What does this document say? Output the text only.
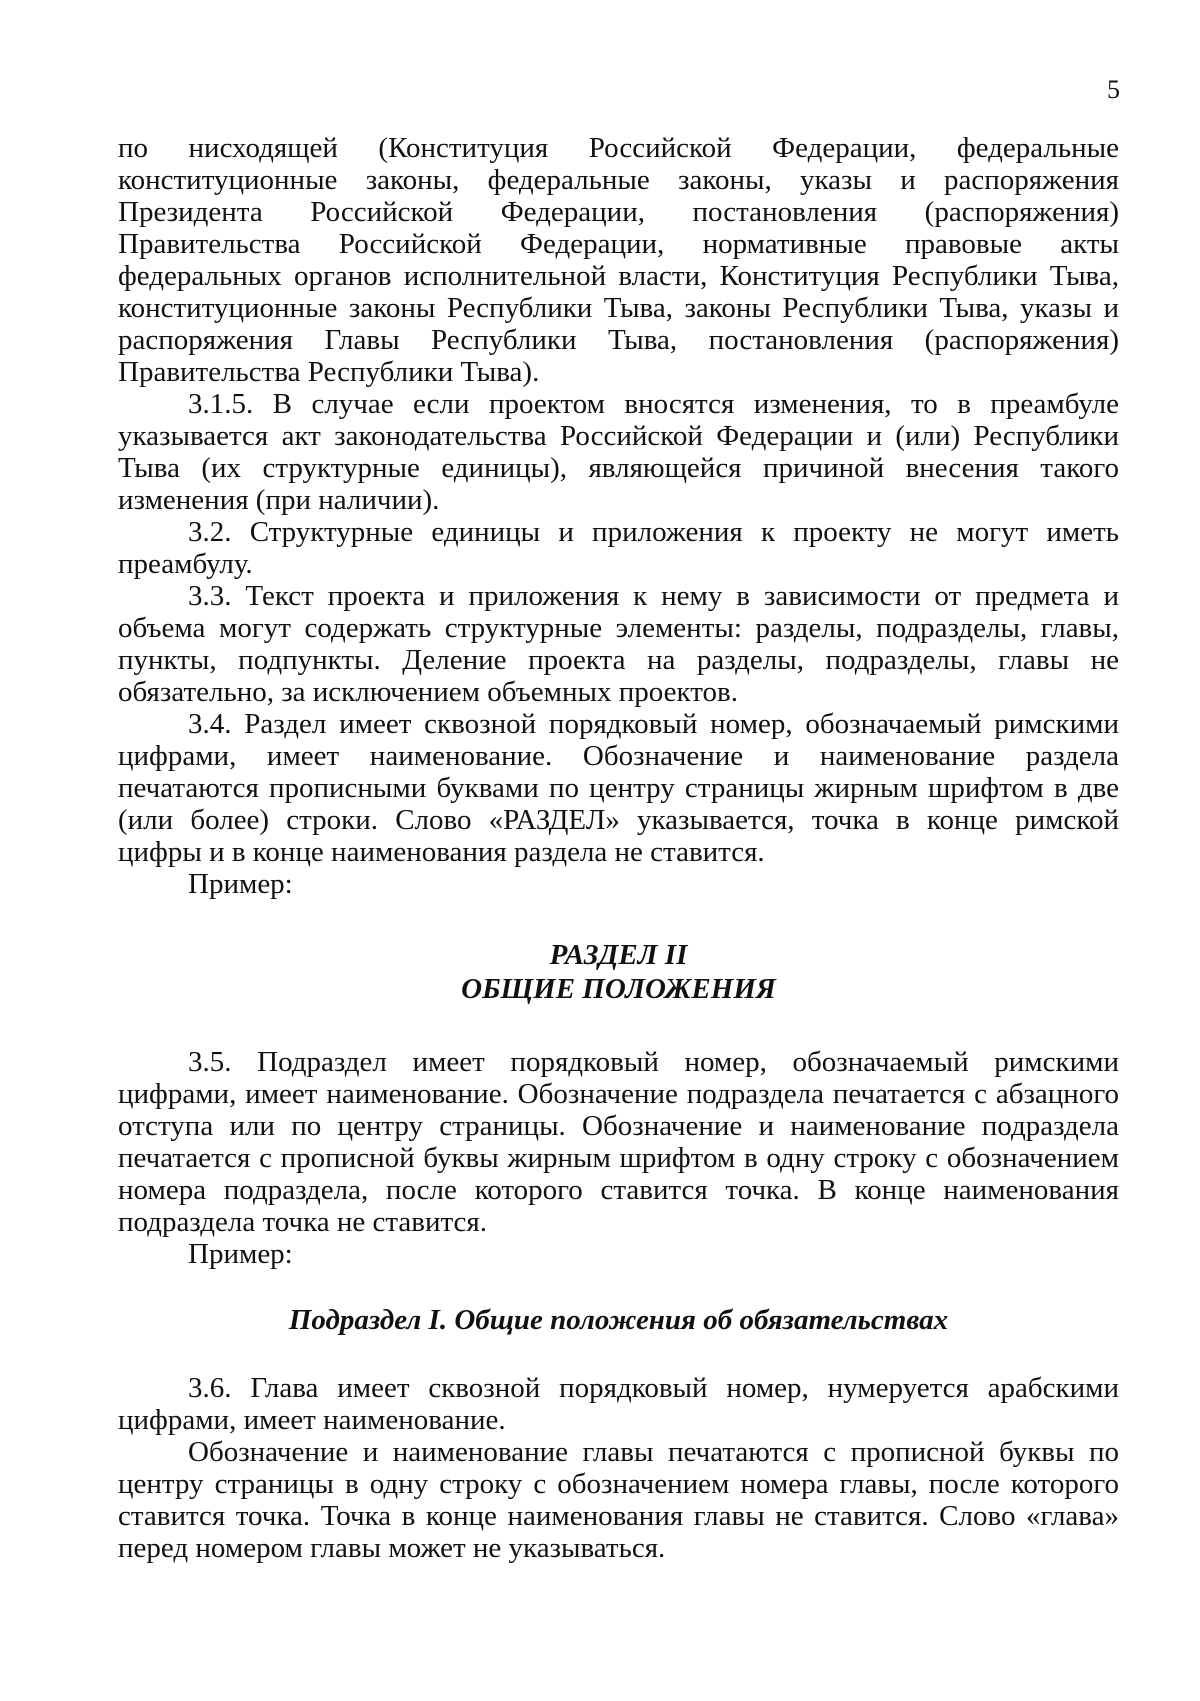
5

по нисходящей (Конституция Российской Федерации, федеральные конституционные законы, федеральные законы, указы и распоряжения Президента Российской Федерации, постановления (распоряжения) Правительства Российской Федерации, нормативные правовые акты федеральных органов исполнительной власти, Конституция Республики Тыва, конституционные законы Республики Тыва, законы Республики Тыва, указы и распоряжения Главы Республики Тыва, постановления (распоряжения) Правительства Республики Тыва).

3.1.5. В случае если проектом вносятся изменения, то в преамбуле указывается акт законодательства Российской Федерации и (или) Республики Тыва (их структурные единицы), являющейся причиной внесения такого изменения (при наличии).

3.2. Структурные единицы и приложения к проекту не могут иметь преамбулу.

3.3. Текст проекта и приложения к нему в зависимости от предмета и объема могут содержать структурные элементы: разделы, подразделы, главы, пункты, подпункты. Деление проекта на разделы, подразделы, главы не обязательно, за исключением объемных проектов.

3.4. Раздел имеет сквозной порядковый номер, обозначаемый римскими цифрами, имеет наименование. Обозначение и наименование раздела печатаются прописными буквами по центру страницы жирным шрифтом в две (или более) строки. Слово «РАЗДЕЛ» указывается, точка в конце римской цифры и в конце наименования раздела не ставится.

Пример:

РАЗДЕЛ II
ОБЩИЕ ПОЛОЖЕНИЯ

3.5. Подраздел имеет порядковый номер, обозначаемый римскими цифрами, имеет наименование. Обозначение подраздела печатается с абзацного отступа или по центру страницы. Обозначение и наименование подраздела печатается с прописной буквы жирным шрифтом в одну строку с обозначением номера подраздела, после которого ставится точка. В конце наименования подраздела точка не ставится.

Пример:

Подраздел I. Общие положения об обязательствах

3.6. Глава имеет сквозной порядковый номер, нумеруется арабскими цифрами, имеет наименование.

Обозначение и наименование главы печатаются с прописной буквы по центру страницы в одну строку с обозначением номера главы, после которого ставится точка. Точка в конце наименования главы не ставится. Слово «глава» перед номером главы может не указываться.
